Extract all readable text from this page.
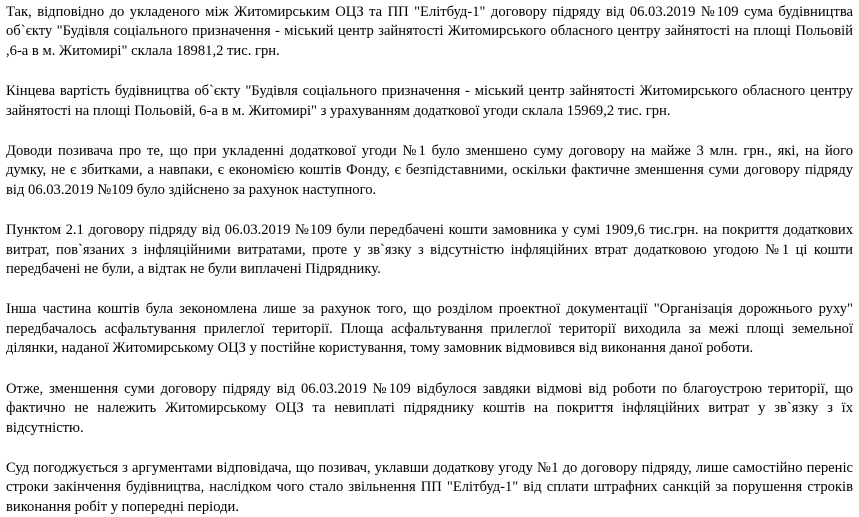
Так, відповідно до укладеного між Житомирським ОЦЗ та ПП "Елітбуд-1" договору підряду від 06.03.2019 №109 сума будівництва
об`єкту "Будівля соціального призначення - міський центр зайнятості Житомирського обласного центру зайнятості на площі Польовій
,6-а в м. Житомирі" склала 18981,2 тис. грн.

Кінцева вартість будівництва об`єкту "Будівля соціального призначення - міський центр зайнятості Житомирського обласного центру
зайнятості на площі Польовій, 6-а в м. Житомирі" з урахуванням додаткової угоди склала 15969,2 тис. грн.

Доводи позивача про те, що при укладенні додаткової угоди №1 було зменшено суму договору на майже 3 млн. грн., які, на його
думку, не є збитками, а навпаки, є економією коштів Фонду, є безпідставними, оскільки фактичне зменшення суми договору підряду
від 06.03.2019 №109 було здійснено за рахунок наступного.

Пунктом 2.1 договору підряду від 06.03.2019 №109 були передбачені кошти замовника у сумі 1909,6 тис.грн. на покриття додаткових
витрат, пов`язаних з інфляційними витратами, проте у зв`язку з відсутністю інфляційних втрат додатковою угодою №1 ці кошти
передбачені не були, а відтак не були виплачені Підряднику.

Інша частина коштів була зекономлена лише за рахунок того, що розділом проектної документації "Організація дорожнього руху"
передбачалось асфальтування прилеглої території. Площа асфальтування прилеглої території виходила за межі площі земельної
ділянки, наданої Житомирському ОЦЗ у постійне користування, тому замовник відмовився від виконання даної роботи.

Отже, зменшення суми договору підряду від 06.03.2019 №109 відбулося завдяки відмові від роботи по благоустрою території, що
фактично не належить Житомирському ОЦЗ та невиплаті підряднику коштів на покриття інфляційних витрат у зв`язку з їх
відсутністю.

Суд погоджується з аргументами відповідача, що позивач, уклавши додаткову угоду №1 до договору підряду, лише самостійно переніс
строки закінчення будівництва, наслідком чого стало звільнення ПП "Елітбуд-1" від сплати штрафних санкцій за порушення строків
виконання робіт у попередні періоди.
